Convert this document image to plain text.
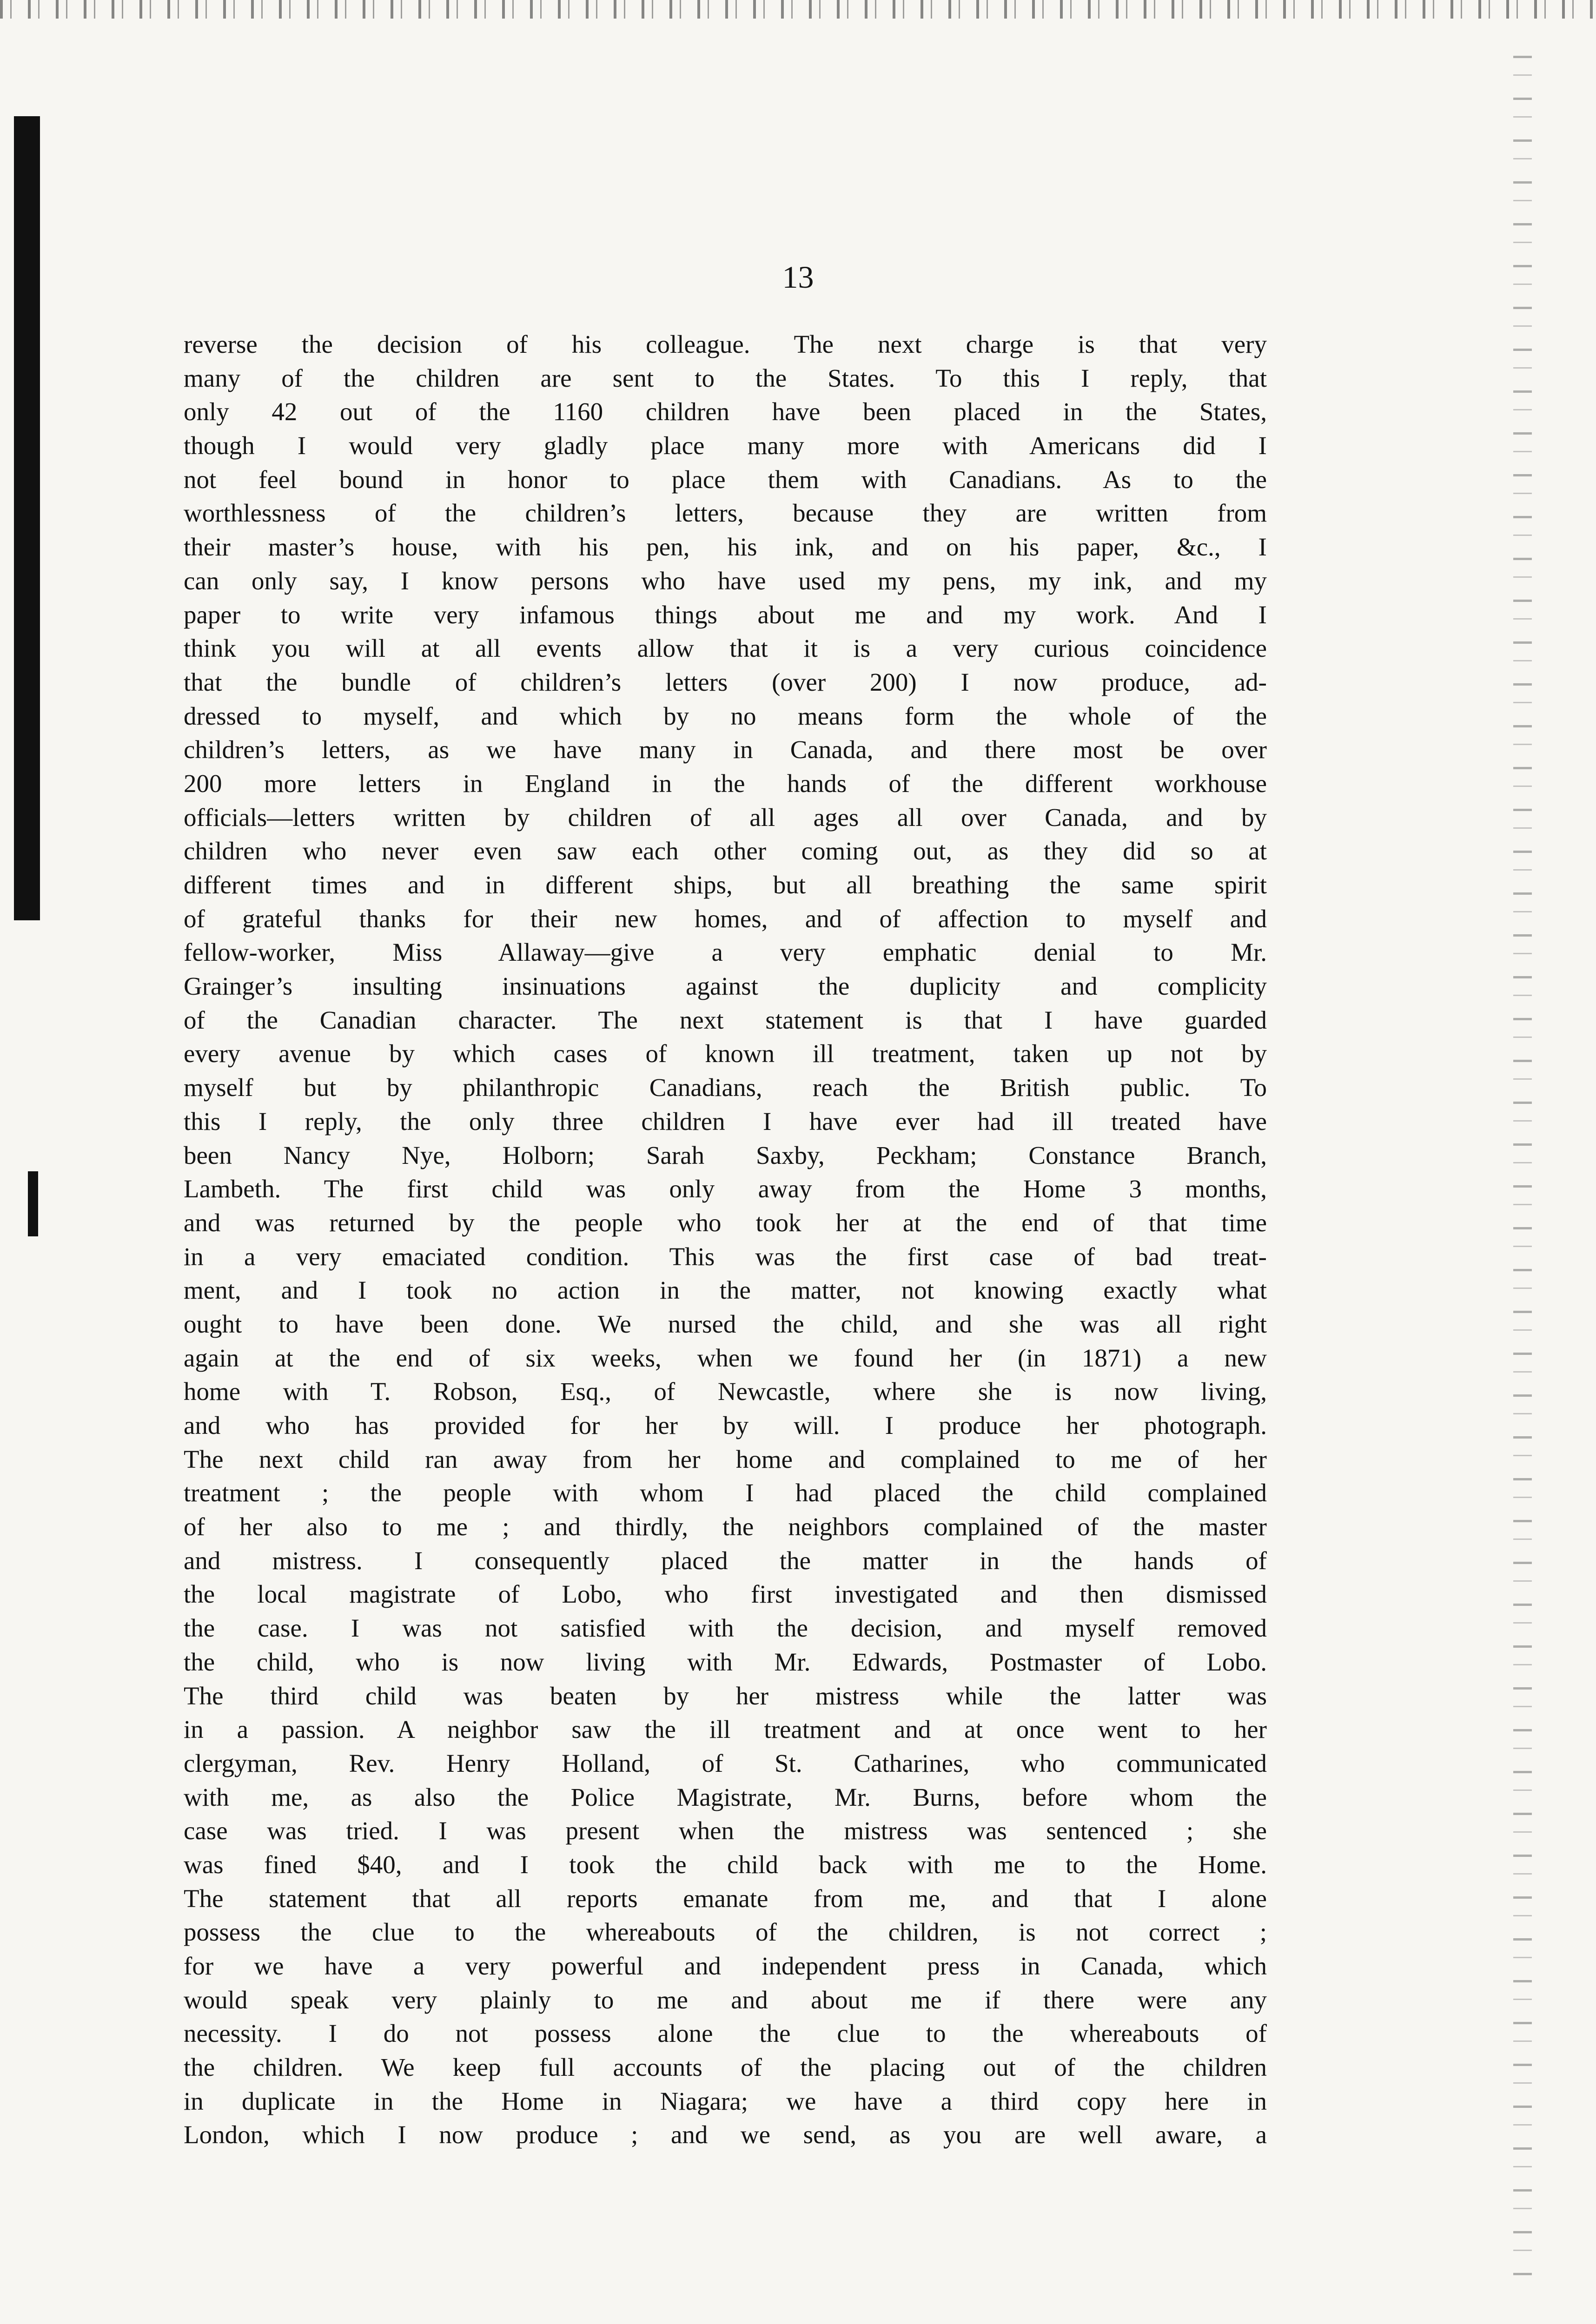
13
reverse the decision of his colleague. The next charge is that very
many of the children are sent to the States. To this I reply, that
only 42 out of the 1160 children have been placed in the States,
though I would very gladly place many more with Americans did I
not feel bound in honor to place them with Canadians. As to the
worthlessness of the children’s letters, because they are written from
their master’s house, with his pen, his ink, and on his paper, &c., I
can only say, I know persons who have used my pens, my ink, and my
paper to write very infamous things about me and my work. And I
think you will at all events allow that it is a very curious coincidence
that the bundle of children’s letters (over 200) I now produce, ad-
dressed to myself, and which by no means form the whole of the
children’s letters, as we have many in Canada, and there most be over
200 more letters in England in the hands of the different workhouse
officials—letters written by children of all ages all over Canada, and by
children who never even saw each other coming out, as they did so at
different times and in different ships, but all breathing the same spirit
of grateful thanks for their new homes, and of affection to myself and
fellow-worker, Miss Allaway—give a very emphatic denial to Mr.
Grainger’s insulting insinuations against the duplicity and complicity
of the Canadian character. The next statement is that I have guarded
every avenue by which cases of known ill treatment, taken up not by
myself but by philanthropic Canadians, reach the British public. To
this I reply, the only three children I have ever had ill treated have
been Nancy Nye, Holborn; Sarah Saxby, Peckham; Constance Branch,
Lambeth. The first child was only away from the Home 3 months,
and was returned by the people who took her at the end of that time
in a very emaciated condition. This was the first case of bad treat-
ment, and I took no action in the matter, not knowing exactly what
ought to have been done. We nursed the child, and she was all right
again at the end of six weeks, when we found her (in 1871) a new
home with T. Robson, Esq., of Newcastle, where she is now living,
and who has provided for her by will. I produce her photograph.
The next child ran away from her home and complained to me of her
treatment ; the people with whom I had placed the child complained
of her also to me ; and thirdly, the neighbors complained of the master
and mistress. I consequently placed the matter in the hands of
the local magistrate of Lobo, who first investigated and then dismissed
the case. I was not satisfied with the decision, and myself removed
the child, who is now living with Mr. Edwards, Postmaster of Lobo.
The third child was beaten by her mistress while the latter was
in a passion. A neighbor saw the ill treatment and at once went to her
clergyman, Rev. Henry Holland, of St. Catharines, who communicated
with me, as also the Police Magistrate, Mr. Burns, before whom the
case was tried. I was present when the mistress was sentenced ; she
was fined $40, and I took the child back with me to the Home.
The statement that all reports emanate from me, and that I alone
possess the clue to the whereabouts of the children, is not correct ;
for we have a very powerful and independent press in Canada, which
would speak very plainly to me and about me if there were any
necessity. I do not possess alone the clue to the whereabouts of
the children. We keep full accounts of the placing out of the children
in duplicate in the Home in Niagara; we have a third copy here in
London, which I now produce ; and we send, as you are well aware, a
